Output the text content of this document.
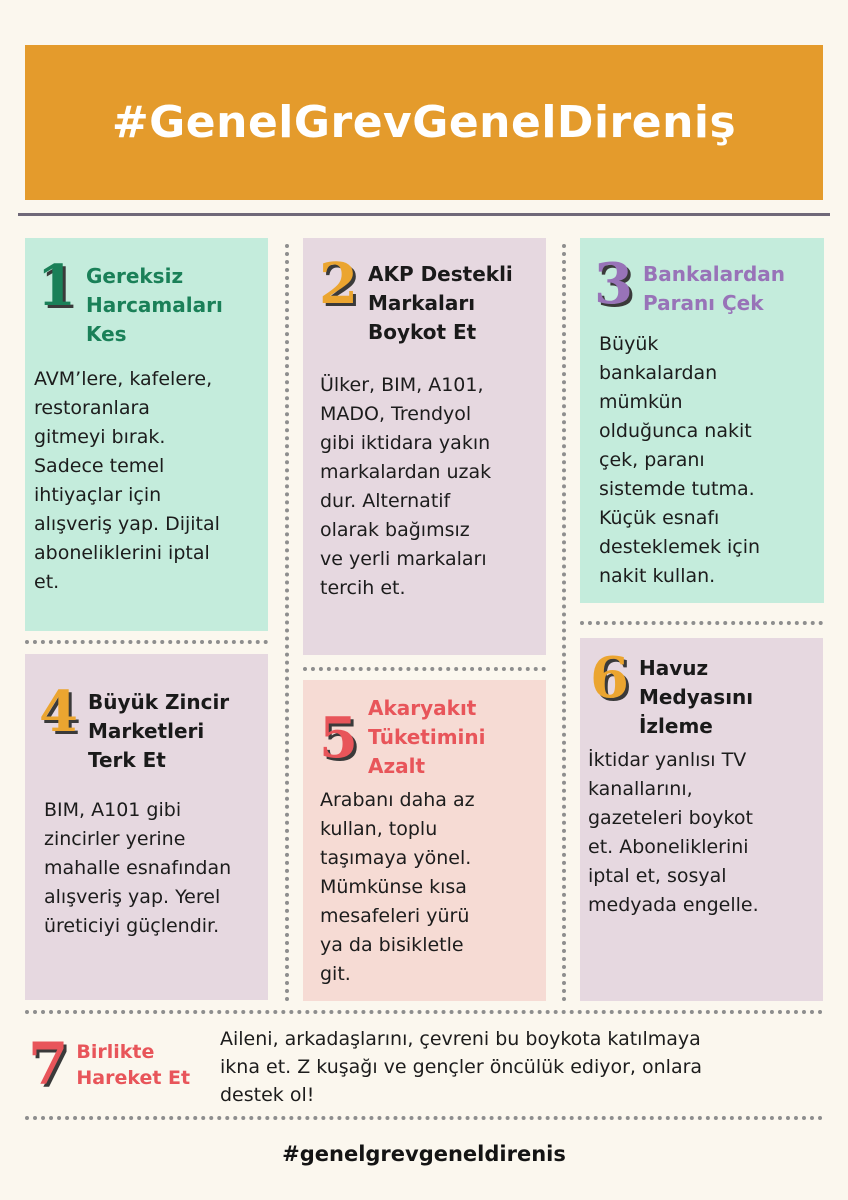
#GenelGrevGenelDireniş
1 Gereksiz
Harcamaları
Kes
AVM’lere, kafelere,
restoranlara
gitmeyi bırak.
Sadece temel
ihtiyaçlar için
alışveriş yap. Dijital
aboneliklerini iptal
et.
2 AKP Destekli
Markaları
Boykot Et
Ülker, BIM, A101,
MADO, Trendyol
gibi iktidara yakın
markalardan uzak
dur. Alternatif
olarak bağımsız
ve yerli markaları
tercih et.
3 Bankalardan
Paranı Çek
Büyük
bankalardan
mümkün
olduğunca nakit
çek, paranı
sistemde tutma.
Küçük esnafı
desteklemek için
nakit kullan.
4 Büyük Zincir
Marketleri
Terk Et
BIM, A101 gibi
zincirler yerine
mahalle esnafından
alışveriş yap. Yerel
üreticiyi güçlendir.
5 Akaryakıt
Tüketimini
Azalt
Arabanı daha az
kullan, toplu
taşımaya yönel.
Mümkünse kısa
mesafeleri yürü
ya da bisikletle
git.
6 Havuz
Medyasını
İzleme
İktidar yanlısı TV
kanallarını,
gazeteleri boykot
et. Aboneliklerini
iptal et, sosyal
medyada engelle.
7 Birlikte
Hareket Et
Aileni, arkadaşlarını, çevreni bu boykota katılmaya
ikna et. Z kuşağı ve gençler öncülük ediyor, onlara
destek ol!
#genelgrevgeneldirenis
